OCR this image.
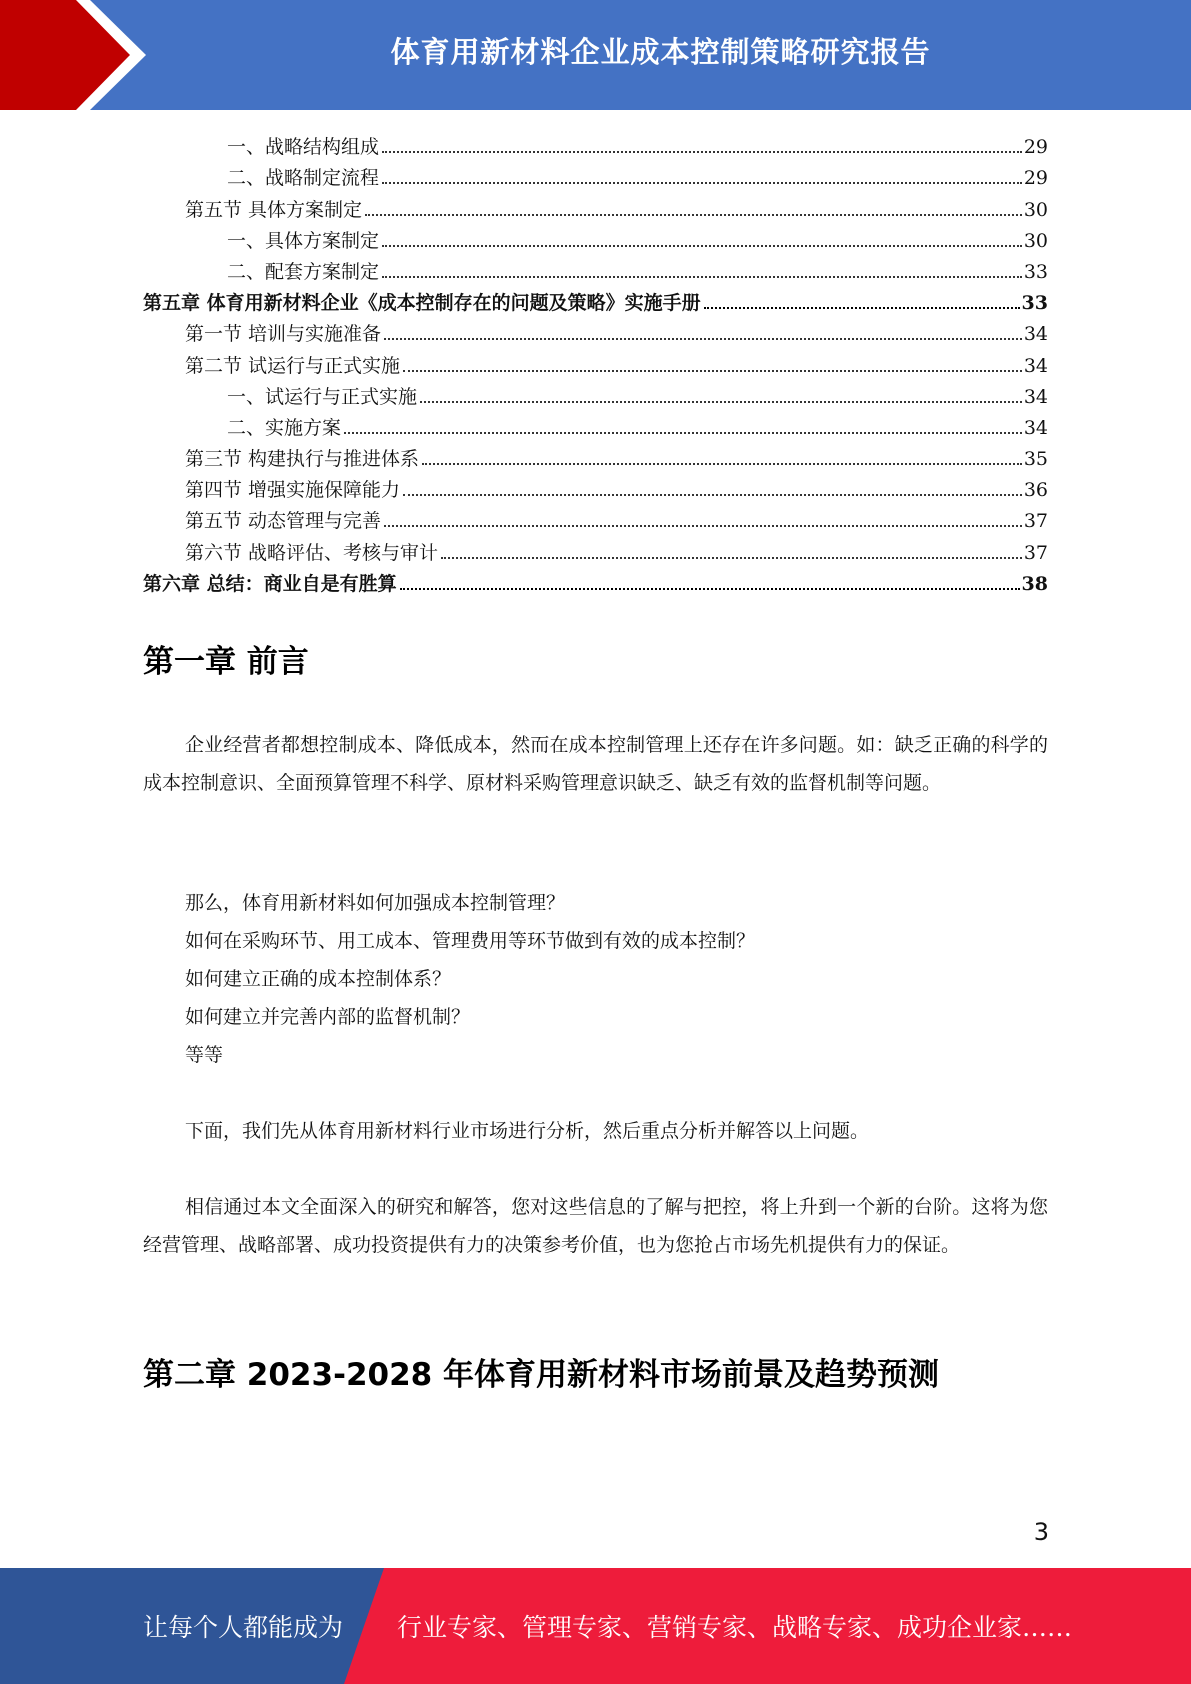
体育用新材料企业成本控制策略研究报告
一、战略结构组成	29
二、战略制定流程	29
第五节 具体方案制定	30
一、具体方案制定	30
二、配套方案制定	33
第五章 体育用新材料企业《成本控制存在的问题及策略》实施手册	33
第一节 培训与实施准备	34
第二节 试运行与正式实施	34
一、试运行与正式实施	34
二、实施方案	34
第三节 构建执行与推进体系	35
第四节 增强实施保障能力	36
第五节 动态管理与完善	37
第六节 战略评估、考核与审计	37
第六章 总结：商业自是有胜算	38
第一章 前言

企业经营者都想控制成本、降低成本，然而在成本控制管理上还存在许多问题。如：缺乏正确的科学的成本控制意识、全面预算管理不科学、原材料采购管理意识缺乏、缺乏有效的监督机制等问题。

那么，体育用新材料如何加强成本控制管理？

如何在采购环节、用工成本、管理费用等环节做到有效的成本控制？

如何建立正确的成本控制体系？

如何建立并完善内部的监督机制？

等等

下面，我们先从体育用新材料行业市场进行分析，然后重点分析并解答以上问题。

相信通过本文全面深入的研究和解答，您对这些信息的了解与把控，将上升到一个新的台阶。这将为您经营管理、战略部署、成功投资提供有力的决策参考价值，也为您抢占市场先机提供有力的保证。

第二章 2023-2028 年体育用新材料市场前景及趋势预测
3
让每个人都能成为 行业专家、管理专家、营销专家、战略专家、成功企业家……
